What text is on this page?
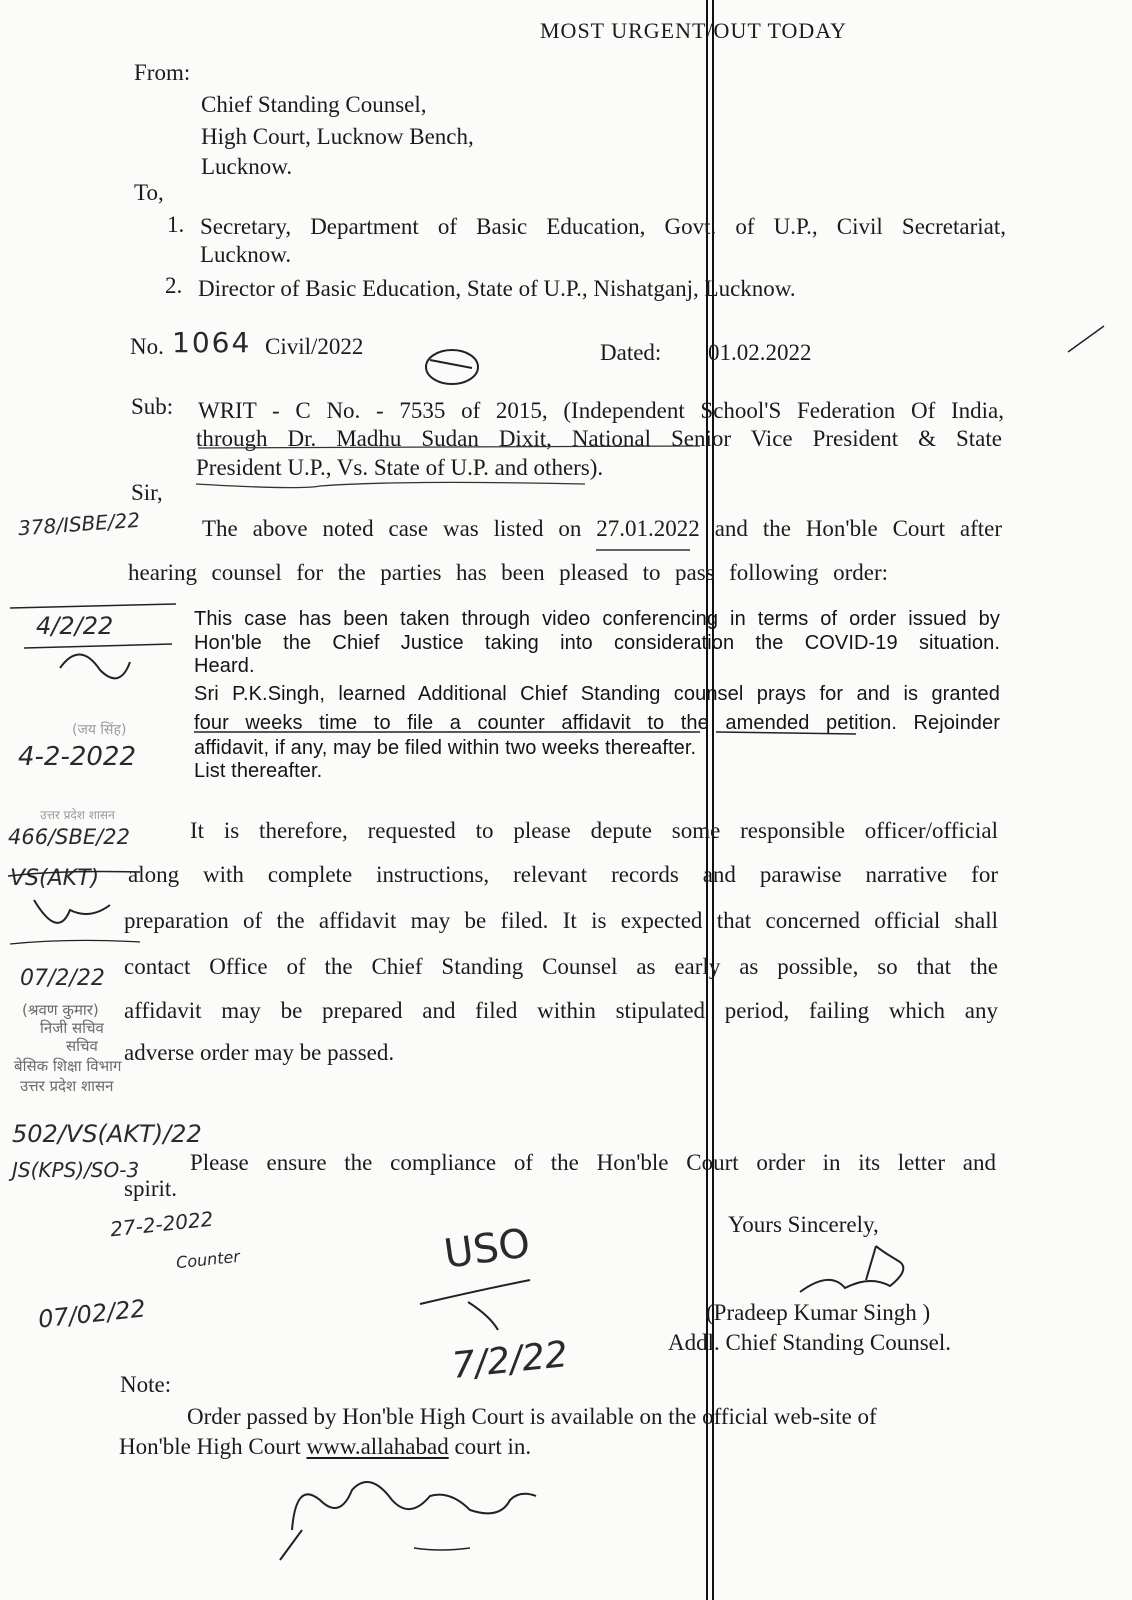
MOST URGENT/OUT TODAY
From:
Chief Standing Counsel,
High Court, Lucknow Bench,
Lucknow.
To,
1. Secretary, Department of Basic Education, Govt. of U.P., Civil Secretariat,
Lucknow.
2. Director of Basic Education, State of U.P., Nishatganj, Lucknow.
No. 1064 Civil/2022	Dated: 01.02.2022
Sub: WRIT - C No. - 7535 of 2015, (Independent School'S Federation Of India,
through Dr. Madhu Sudan Dixit, National Senior Vice President & State
President U.P., Vs. State of U.P. and others).
Sir,
The above noted case was listed on 27.01.2022 and the Hon'ble Court after
hearing counsel for the parties has been pleased to pass following order:
This case has been taken through video conferencing in terms of order issued by
Hon'ble the Chief Justice taking into consideration the COVID-19 situation.
Heard.
Sri P.K.Singh, learned Additional Chief Standing counsel prays for and is granted
four weeks time to file a counter affidavit to the amended petition. Rejoinder
affidavit, if any, may be filed within two weeks thereafter.
List thereafter.
It is therefore, requested to please depute some responsible officer/official
along with complete instructions, relevant records and parawise narrative for
preparation of the affidavit may be filed. It is expected that concerned official shall
contact Office of the Chief Standing Counsel as early as possible, so that the
affidavit may be prepared and filed within stipulated period, failing which any
adverse order may be passed.
Please ensure the compliance of the Hon'ble Court order in its letter and
spirit.
Yours Sincerely,
(Pradeep Kumar Singh )
Addl. Chief Standing Counsel.
Note:
Order passed by Hon'ble High Court is available on the official web-site of
Hon'ble High Court www.allahabad court in.
378/ISBE/22
4/2/22
(जय सिंह)
4-2-2022
उत्तर प्रदेश शासन
466/SBE/22
VS(AKT)
07/2/22
(श्रवण कुमार)
निजी सचिव
सचिव
बेसिक शिक्षा विभाग
उत्तर प्रदेश शासन
502/VS(AKT)/22
JS(KPS)/SO-3
27-2-2022
Counter
07/02/22
USO
7/2/22
